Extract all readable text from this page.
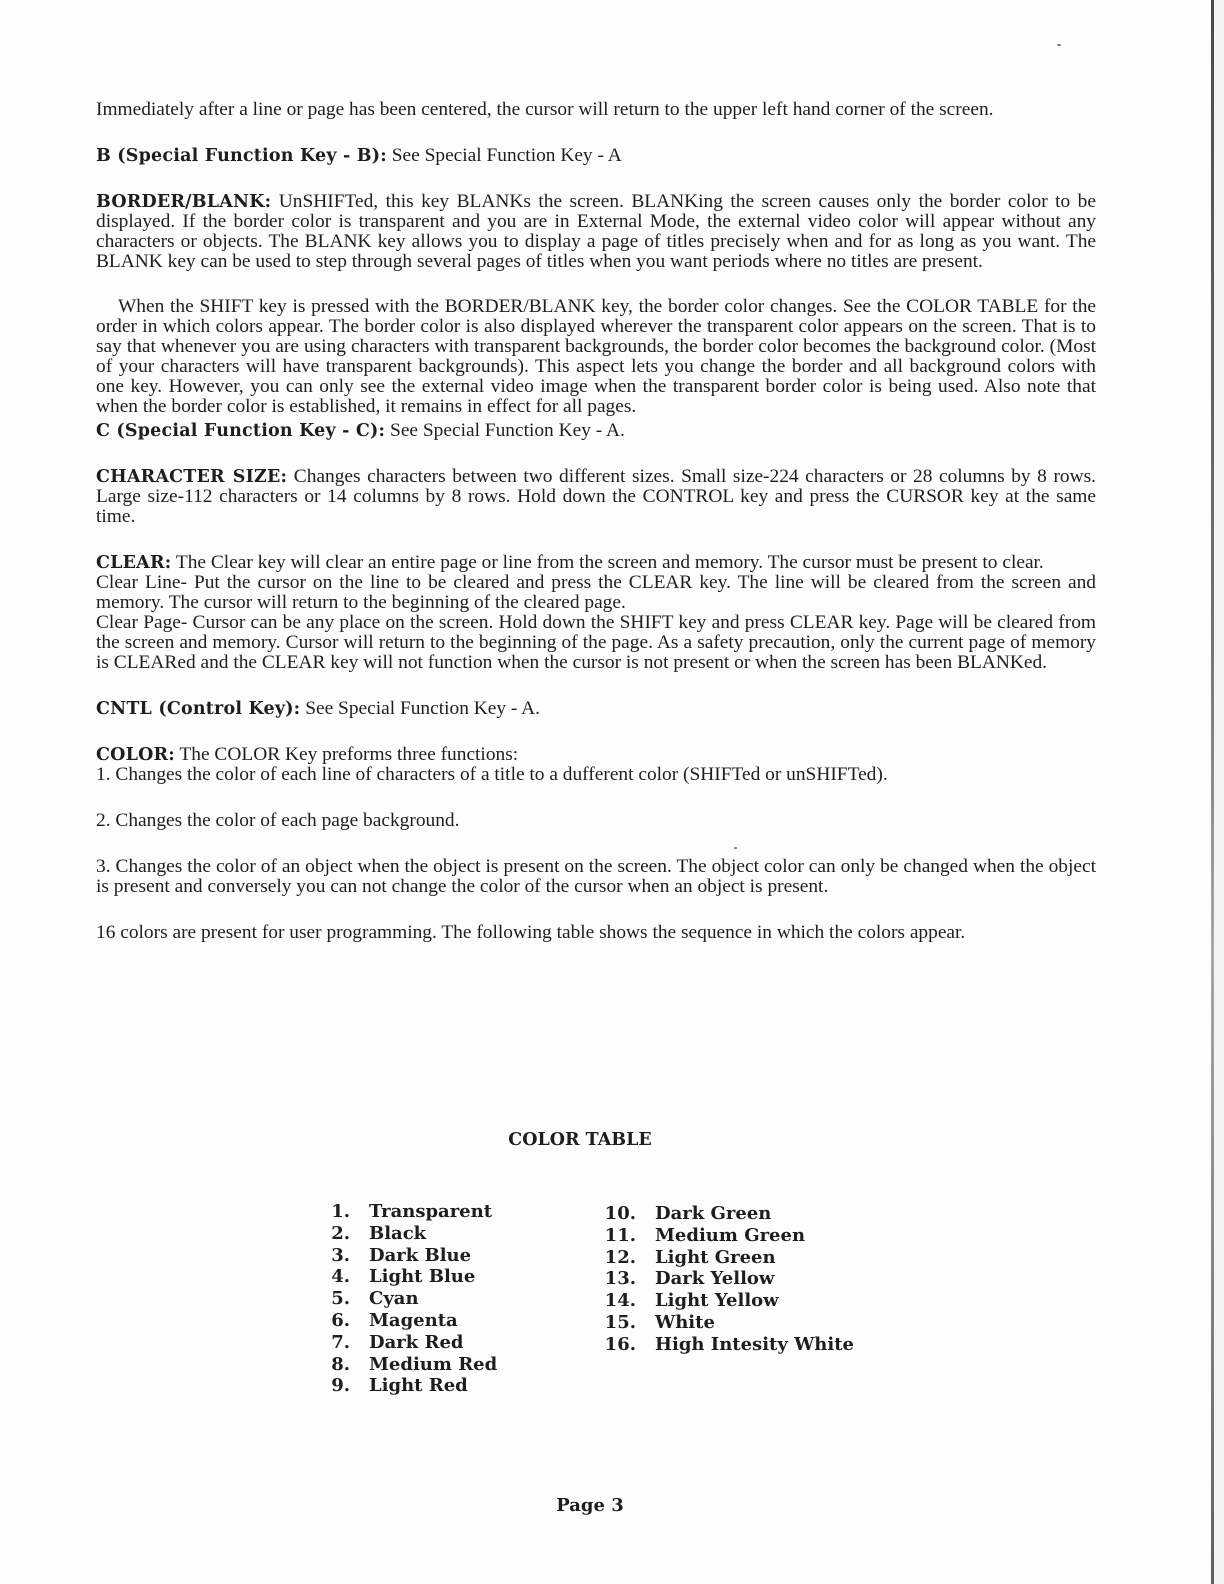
Immediately after a line or page has been centered, the cursor will return to the upper left hand corner of the screen.

B (Special Function Key - B): See Special Function Key - A

BORDER/BLANK: UnSHIFTed, this key BLANKs the screen. BLANKing the screen causes only the border color to be displayed. If the border color is transparent and you are in External Mode, the external video color will appear without any characters or objects. The BLANK key allows you to display a page of titles precisely when and for as long as you want. The BLANK key can be used to step through several pages of titles when you want periods where no titles are present.

When the SHIFT key is pressed with the BORDER/BLANK key, the border color changes. See the COLOR TABLE for the order in which colors appear. The border color is also displayed wherever the transparent color appears on the screen. That is to say that whenever you are using characters with transparent backgrounds, the border color becomes the background color. (Most of your characters will have transparent backgrounds). This aspect lets you change the border and all background colors with one key. However, you can only see the external video image when the transparent border color is being used. Also note that when the border color is established, it remains in effect for all pages.

C (Special Function Key - C): See Special Function Key - A.

CHARACTER SIZE: Changes characters between two different sizes. Small size-224 characters or 28 columns by 8 rows. Large size-112 characters or 14 columns by 8 rows. Hold down the CONTROL key and press the CURSOR key at the same time.

CLEAR: The Clear key will clear an entire page or line from the screen and memory. The cursor must be present to clear.

Clear Line- Put the cursor on the line to be cleared and press the CLEAR key. The line will be cleared from the screen and memory. The cursor will return to the beginning of the cleared page.

Clear Page- Cursor can be any place on the screen. Hold down the SHIFT key and press CLEAR key. Page will be cleared from the screen and memory. Cursor will return to the beginning of the page. As a safety precaution, only the current page of memory is CLEARed and the CLEAR key will not function when the cursor is not present or when the screen has been BLANKed.

CNTL (Control Key): See Special Function Key - A.

COLOR: The COLOR Key preforms three functions:

1. Changes the color of each line of characters of a title to a dufferent color (SHIFTed or unSHIFTed).

2. Changes the color of each page background.

3. Changes the color of an object when the object is present on the screen. The object color can only be changed when the object is present and conversely you can not change the color of the cursor when an object is present.

16 colors are present for user programming. The following table shows the sequence in which the colors appear.

COLOR TABLE
1. Transparent
2. Black
3. Dark Blue
4. Light Blue
5. Cyan
6. Magenta
7. Dark Red
8. Medium Red
9. Light Red
10. Dark Green
11. Medium Green
12. Light Green
13. Dark Yellow
14. Light Yellow
15. White
16. High Intesity White
Page 3
